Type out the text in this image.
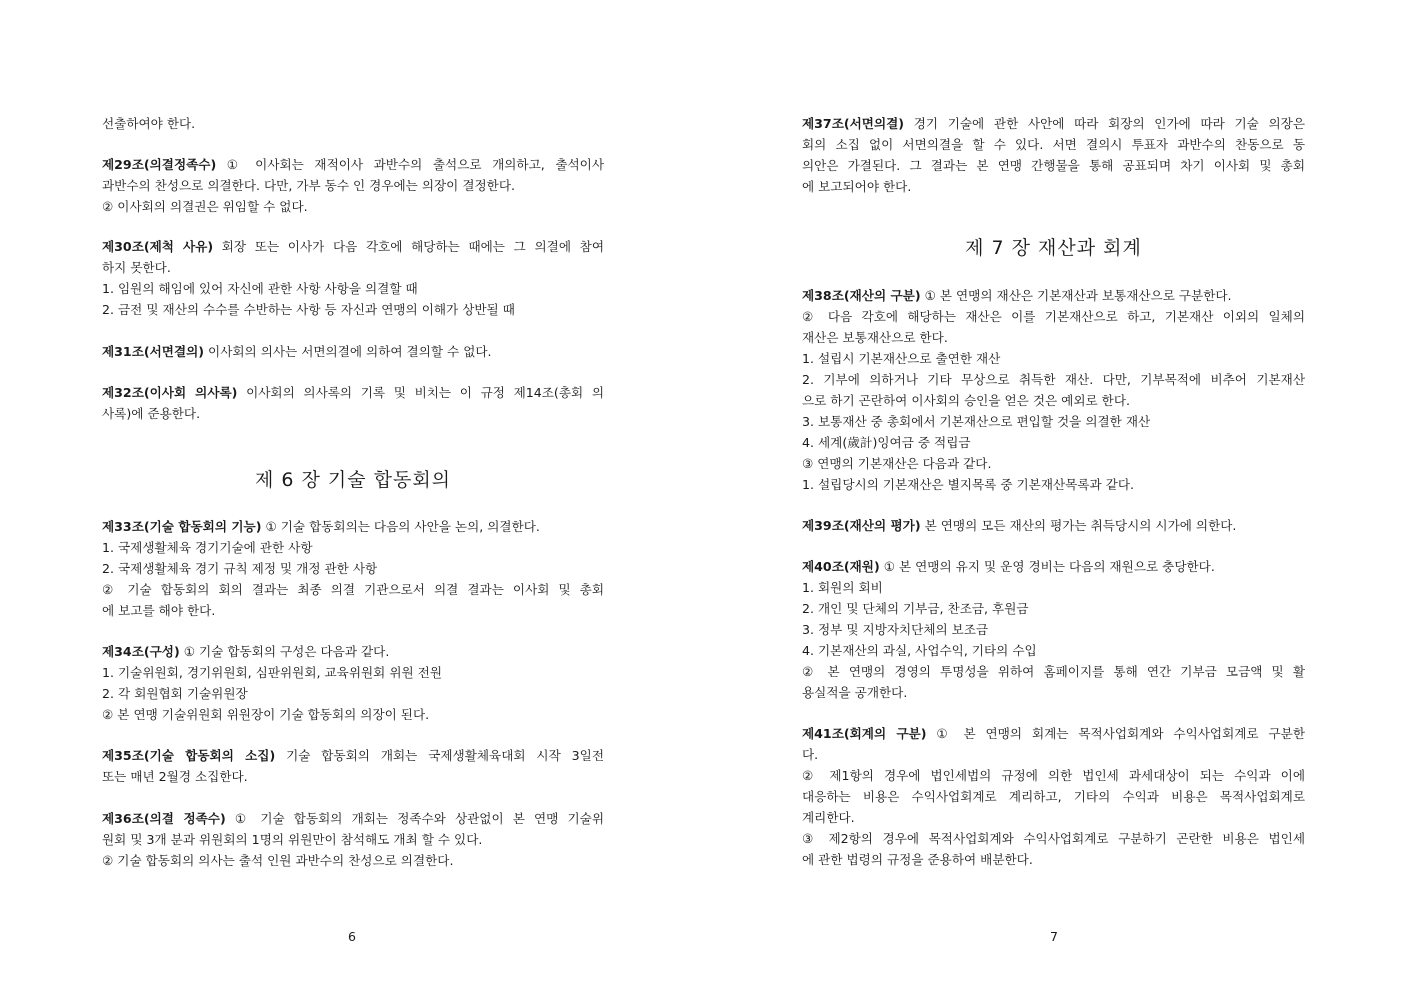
제 6 장 기술 합동회의
선출하여야 한다.
제29조(의결정족수) ① 이사회는 재적이사 과반수의 출석으로 개의하고, 출석이사
과반수의 찬성으로 의결한다. 다만, 가부 동수 인 경우에는 의장이 결정한다.
② 이사회의 의결권은 위임할 수 없다.
제30조(제척 사유) 회장 또는 이사가 다음 각호에 해당하는 때에는 그 의결에 참여
하지 못한다.
1. 임원의 해임에 있어 자신에 관한 사항 사항을 의결할 때
2. 금전 및 재산의 수수를 수반하는 사항 등 자신과 연맹의 이해가 상반될 때
제31조(서면결의) 이사회의 의사는 서면의결에 의하여 결의할 수 없다.
제32조(이사회 의사록) 이사회의 의사록의 기록 및 비치는 이 규정 제14조(총회 의
사록)에 준용한다.
제33조(기술 합동회의 기능) ① 기술 합동회의는 다음의 사안을 논의, 의결한다.
1. 국제생활체육 경기기술에 관한 사항
2. 국제생활체육 경기 규칙 제정 및 개정 관한 사항
② 기술 합동회의 회의 결과는 최종 의결 기관으로서 의결 결과는 이사회 및 총회
에 보고를 해야 한다.
제34조(구성) ① 기술 합동회의 구성은 다음과 같다.
1. 기술위원회, 경기위원회, 심판위원회, 교육위원회 위원 전원
2. 각 회원협회 기술위원장
② 본 연맹 기술위원회 위원장이 기술 합동회의 의장이 된다.
제35조(기술 합동회의 소집) 기술 합동회의 개회는 국제생활체육대회 시작 3일전
또는 매년 2월경 소집한다.
제36조(의결 정족수) ① 기술 합동회의 개회는 정족수와 상관없이 본 연맹 기술위
원회 및 3개 분과 위원회의 1명의 위원만이 참석해도 개최 할 수 있다.
② 기술 합동회의 의사는 출석 인원 과반수의 찬성으로 의결한다.
6
제 7 장 재산과 회계
제37조(서면의결) 경기 기술에 관한 사안에 따라 회장의 인가에 따라 기술 의장은
회의 소집 없이 서면의결을 할 수 있다. 서면 결의시 투표자 과반수의 찬동으로 동
의안은 가결된다. 그 결과는 본 연맹 간행물을 통해 공표되며 차기 이사회 및 총회
에 보고되어야 한다.
제38조(재산의 구분) ① 본 연맹의 재산은 기본재산과 보통재산으로 구분한다.
② 다음 각호에 해당하는 재산은 이를 기본재산으로 하고, 기본재산 이외의 일체의
재산은 보통재산으로 한다.
1. 설립시 기본재산으로 출연한 재산
2. 기부에 의하거나 기타 무상으로 취득한 재산. 다만, 기부목적에 비추어 기본재산
으로 하기 곤란하여 이사회의 승인을 얻은 것은 예외로 한다.
3. 보통재산 중 총회에서 기본재산으로 편입할 것을 의결한 재산
4. 세계(歲計)잉여금 중 적립금
③ 연맹의 기본재산은 다음과 같다.
1. 설립당시의 기본재산은 별지목록 중 기본재산목록과 같다.
제39조(재산의 평가) 본 연맹의 모든 재산의 평가는 취득당시의 시가에 의한다.
제40조(재원) ① 본 연맹의 유지 및 운영 경비는 다음의 재원으로 충당한다.
1. 회원의 회비
2. 개인 및 단체의 기부금, 찬조금, 후원금
3. 정부 및 지방자치단체의 보조금
4. 기본재산의 과실, 사업수익, 기타의 수입
② 본 연맹의 경영의 투명성을 위하여 홈페이지를 통해 연간 기부금 모금액 및 활
용실적을 공개한다.
제41조(회계의 구분) ① 본 연맹의 회계는 목적사업회계와 수익사업회계로 구분한
다.
② 제1항의 경우에 법인세법의 규정에 의한 법인세 과세대상이 되는 수익과 이에
대응하는 비용은 수익사업회계로 계리하고, 기타의 수익과 비용은 목적사업회계로
계리한다.
③ 제2항의 경우에 목적사업회계와 수익사업회계로 구분하기 곤란한 비용은 법인세
에 관한 법령의 규정을 준용하여 배분한다.
7
